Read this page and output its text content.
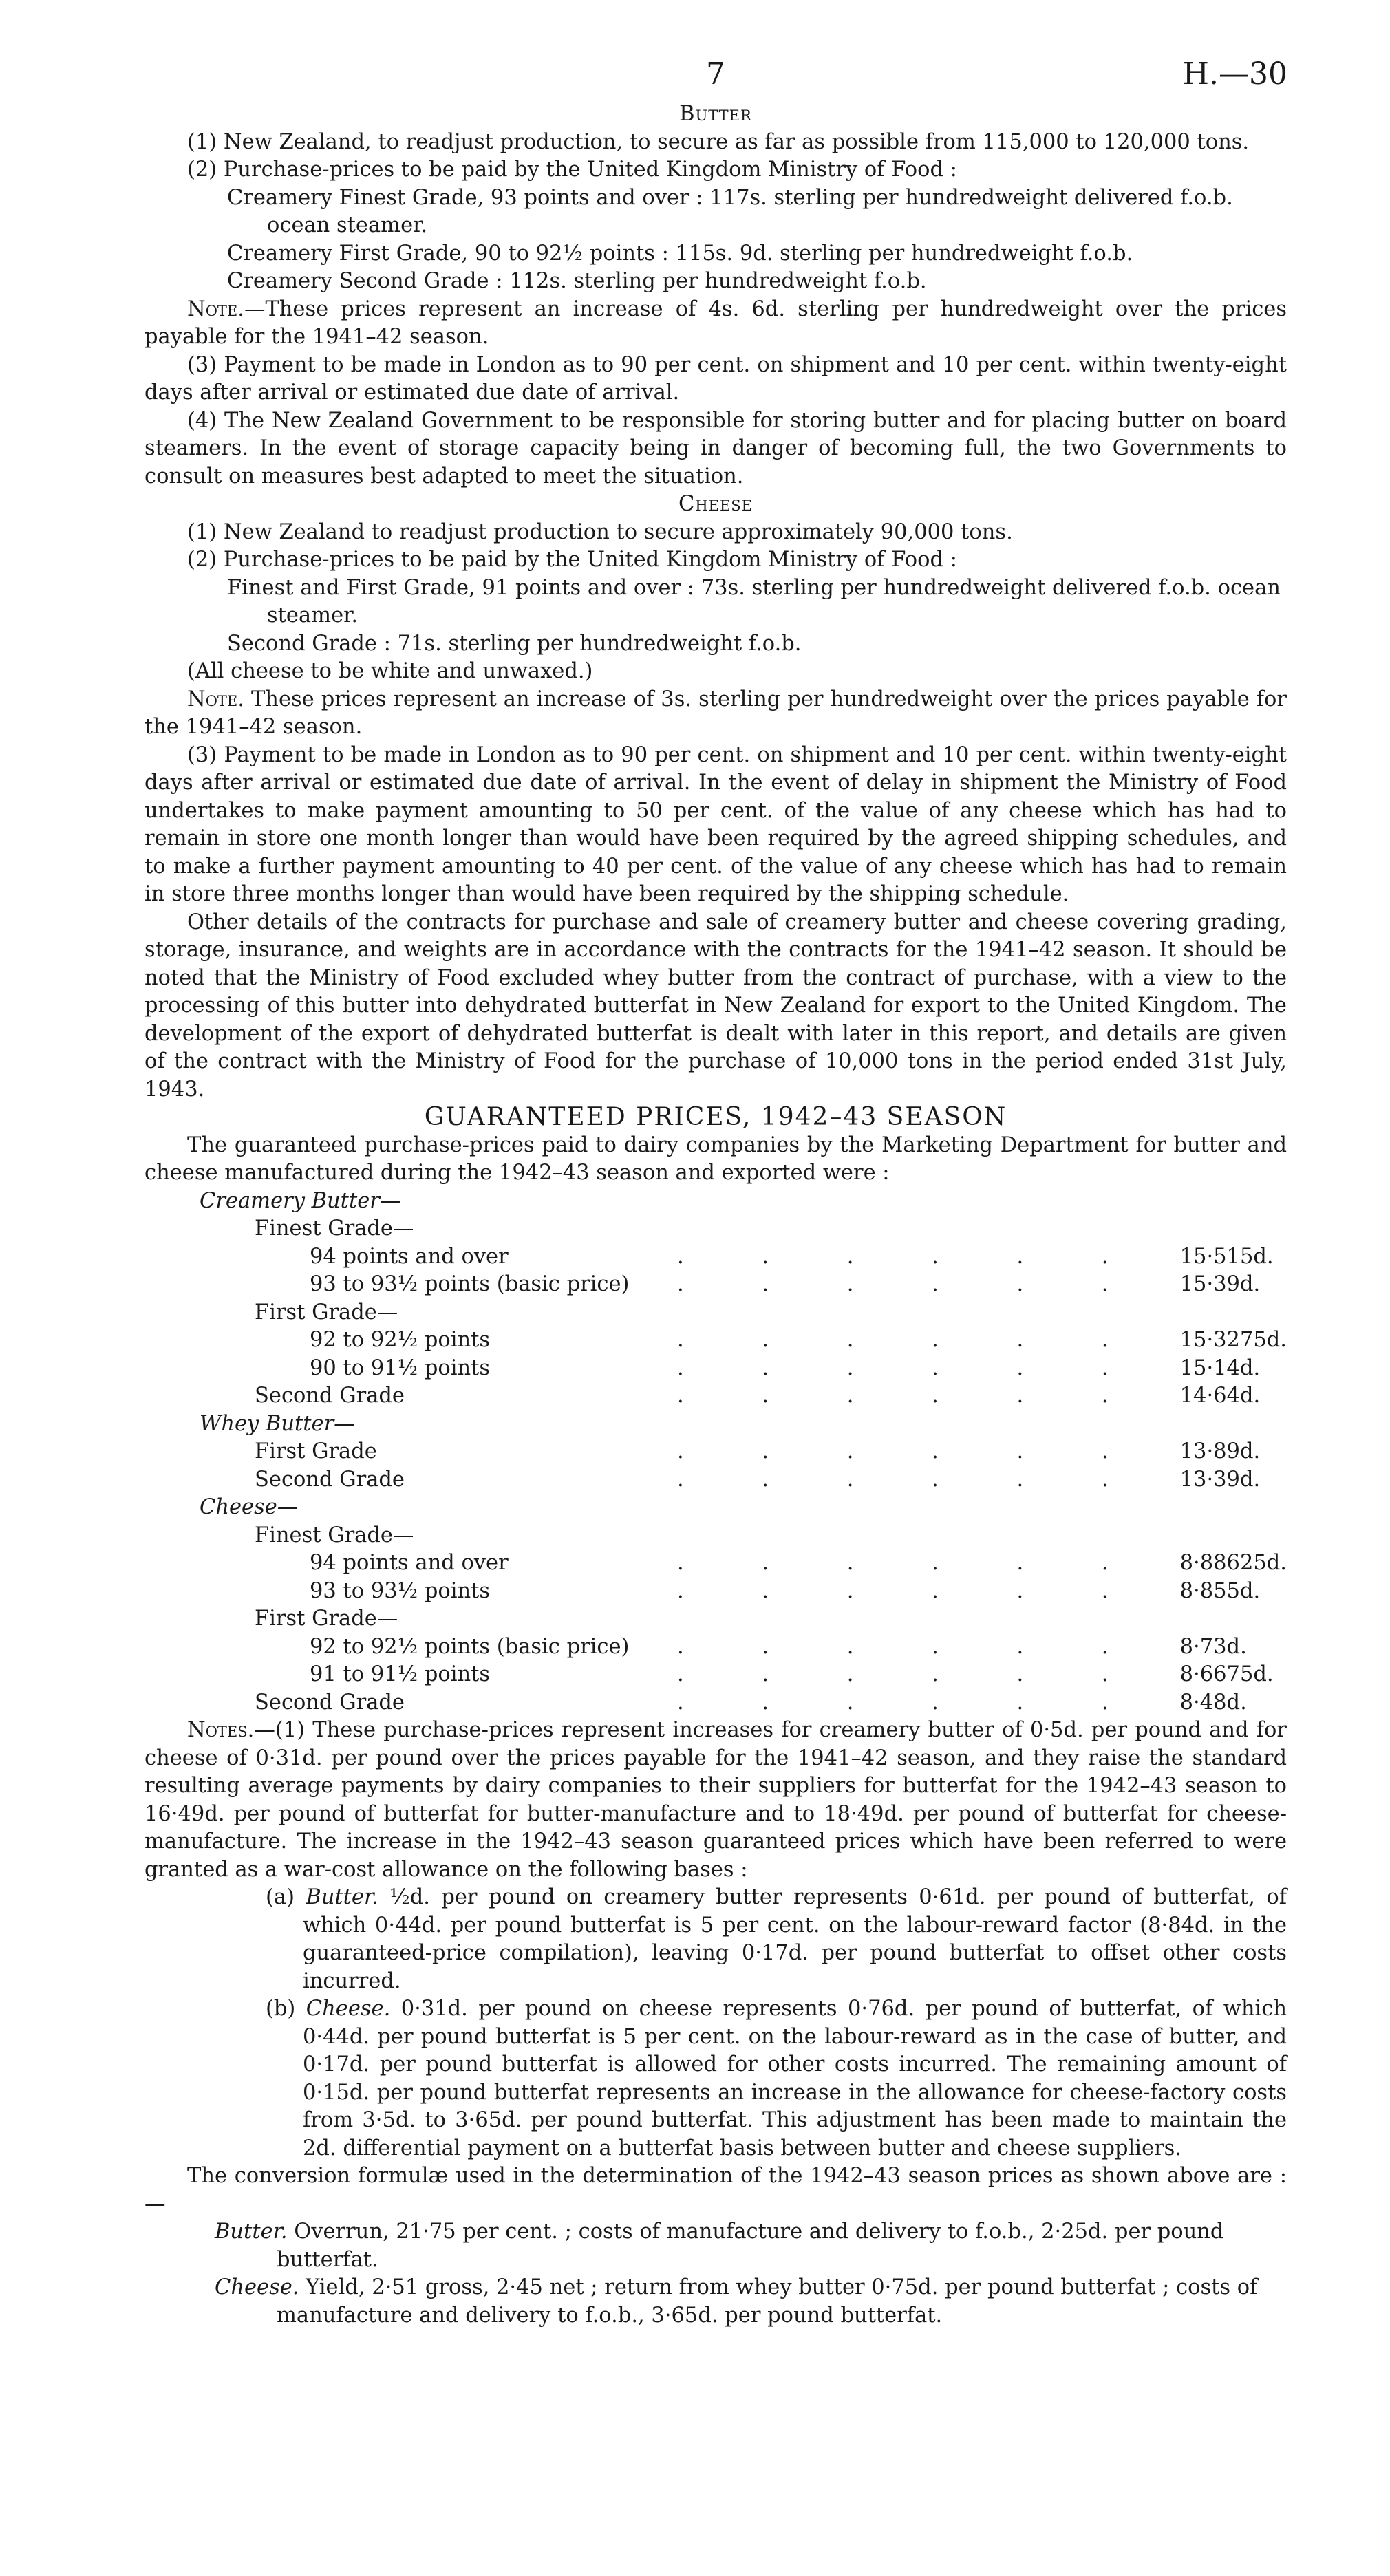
7	H.—30
Butter

(1) New Zealand, to readjust production, to secure as far as possible from 115,000 to 120,000 tons.

(2) Purchase-prices to be paid by the United Kingdom Ministry of Food :

Creamery Finest Grade, 93 points and over : 117s. sterling per hundredweight delivered f.o.b. ocean steamer.

Creamery First Grade, 90 to 92½ points : 115s. 9d. sterling per hundredweight f.o.b.

Creamery Second Grade : 112s. sterling per hundredweight f.o.b.

Note.—These prices represent an increase of 4s. 6d. sterling per hundredweight over the prices payable for the 1941–42 season.

(3) Payment to be made in London as to 90 per cent. on shipment and 10 per cent. within twenty-eight days after arrival or estimated due date of arrival.

(4) The New Zealand Government to be responsible for storing butter and for placing butter on board steamers. In the event of storage capacity being in danger of becoming full, the two Governments to consult on measures best adapted to meet the situation.

Cheese

(1) New Zealand to readjust production to secure approximately 90,000 tons.

(2) Purchase-prices to be paid by the United Kingdom Ministry of Food :

Finest and First Grade, 91 points and over : 73s. sterling per hundredweight delivered f.o.b. ocean steamer.

Second Grade : 71s. sterling per hundredweight f.o.b.

(All cheese to be white and unwaxed.)

Note. These prices represent an increase of 3s. sterling per hundredweight over the prices payable for the 1941–42 season.

(3) Payment to be made in London as to 90 per cent. on shipment and 10 per cent. within twenty-eight days after arrival or estimated due date of arrival. In the event of delay in shipment the Ministry of Food undertakes to make payment amounting to 50 per cent. of the value of any cheese which has had to remain in store one month longer than would have been required by the agreed shipping schedules, and to make a further payment amounting to 40 per cent. of the value of any cheese which has had to remain in store three months longer than would have been required by the shipping schedule.

Other details of the contracts for purchase and sale of creamery butter and cheese covering grading, storage, insurance, and weights are in accordance with the contracts for the 1941–42 season. It should be noted that the Ministry of Food excluded whey butter from the contract of purchase, with a view to the processing of this butter into dehydrated butterfat in New Zealand for export to the United Kingdom. The development of the export of dehydrated butterfat is dealt with later in this report, and details are given of the contract with the Ministry of Food for the purchase of 10,000 tons in the period ended 31st July, 1943.

GUARANTEED PRICES, 1942–43 SEASON

The guaranteed purchase-prices paid to dairy companies by the Marketing Department for butter and cheese manufactured during the 1942–43 season and exported were :

Creamery Butter—		
Finest Grade—		
94 points and over	. . . . . .	15·515d.
93 to 93½ points (basic price)	. . . . . .	15·39d.
First Grade—		
92 to 92½ points	. . . . . .	15·3275d.
90 to 91½ points	. . . . . .	15·14d.
Second Grade	. . . . . .	14·64d.
Whey Butter—		
First Grade	. . . . . .	13·89d.
Second Grade	. . . . . .	13·39d.
Cheese—		
Finest Grade—		
94 points and over	. . . . . .	8·88625d.
93 to 93½ points	. . . . . .	8·855d.
First Grade—		
92 to 92½ points (basic price)	. . . . . .	8·73d.
91 to 91½ points	. . . . . .	8·6675d.
Second Grade	. . . . . .	8·48d.

Notes.—(1) These purchase-prices represent increases for creamery butter of 0·5d. per pound and for cheese of 0·31d. per pound over the prices payable for the 1941–42 season, and they raise the standard resulting average payments by dairy companies to their suppliers for butterfat for the 1942–43 season to 16·49d. per pound of butterfat for butter-manufacture and to 18·49d. per pound of butterfat for cheese-manufacture. The increase in the 1942–43 season guaranteed prices which have been referred to were granted as a war-cost allowance on the following bases :

(a) Butter. ½d. per pound on creamery butter represents 0·61d. per pound of butterfat, of which 0·44d. per pound butterfat is 5 per cent. on the labour-reward factor (8·84d. in the guaranteed-price compilation), leaving 0·17d. per pound butterfat to offset other costs incurred.

(b) Cheese. 0·31d. per pound on cheese represents 0·76d. per pound of butterfat, of which 0·44d. per pound butterfat is 5 per cent. on the labour-reward as in the case of butter, and 0·17d. per pound butterfat is allowed for other costs incurred. The remaining amount of 0·15d. per pound butterfat represents an increase in the allowance for cheese-factory costs from 3·5d. to 3·65d. per pound butterfat. This adjustment has been made to maintain the 2d. differential payment on a butterfat basis between butter and cheese suppliers.

The conversion formulæ used in the determination of the 1942–43 season prices as shown above are :—

Butter. Overrun, 21·75 per cent. ; costs of manufacture and delivery to f.o.b., 2·25d. per pound butterfat.

Cheese. Yield, 2·51 gross, 2·45 net ; return from whey butter 0·75d. per pound butterfat ; costs of manufacture and delivery to f.o.b., 3·65d. per pound butterfat.
